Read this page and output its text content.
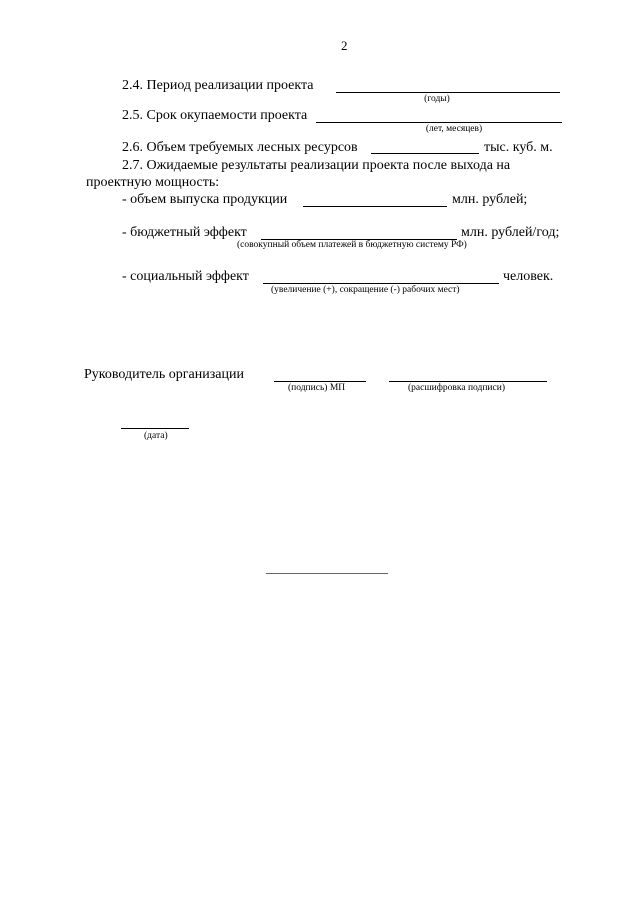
2
2.4. Период реализации проекта
(годы)
2.5. Срок окупаемости проекта
(лет, месяцев)
2.6. Объем требуемых лесных ресурсов	тыс. куб. м.
2.7. Ожидаемые результаты реализации проекта после выхода на
проектную мощность:
- объем выпуска продукции	млн. рублей;
- бюджетный эффект	млн. рублей/год;
(совокупный объем платежей в бюджетную систему РФ)
- социальный эффект	человек.
(увеличение (+), сокращение (-) рабочих мест)
Руководитель организации
(подпись) МП	(расшифровка подписи)
(дата)
